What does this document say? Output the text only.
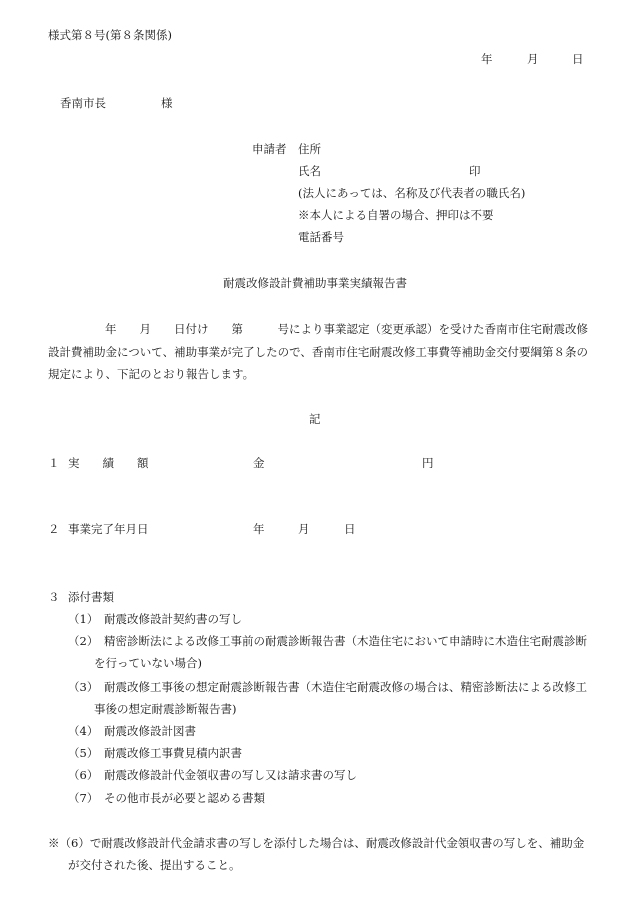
様式第８号(第８条関係)
年	月	日
香南市長	様
申請者 住所
氏名	印
(法人にあっては、名称及び代表者の職氏名)
※本人による自署の場合、押印は不要
電話番号
耐震改修設計費補助事業実績報告書
年　　月　　日付け　　第　　　号により事業認定（変更承認）を受けた香南市住宅耐震改修設計費補助金について、補助事業が完了したので、香南市住宅耐震改修工事費等補助金交付要綱第８条の規定により、下記のとおり報告します。
記
１ 実　　績　　額	金	円
２ 事業完了年月日	年	月	日
３ 添付書類
（1） 耐震改修設計契約書の写し
（2） 精密診断法による改修工事前の耐震診断報告書（木造住宅において申請時に木造住宅耐震診断
を行っていない場合)
（3） 耐震改修工事後の想定耐震診断報告書（木造住宅耐震改修の場合は、精密診断法による改修工
事後の想定耐震診断報告書)
（4） 耐震改修設計図書
（5） 耐震改修工事費見積内訳書
（6） 耐震改修設計代金領収書の写し又は請求書の写し
（7） その他市長が必要と認める書類
※（6）で耐震改修設計代金請求書の写しを添付した場合は、耐震改修設計代金領収書の写しを、補助金
が交付された後、提出すること。
